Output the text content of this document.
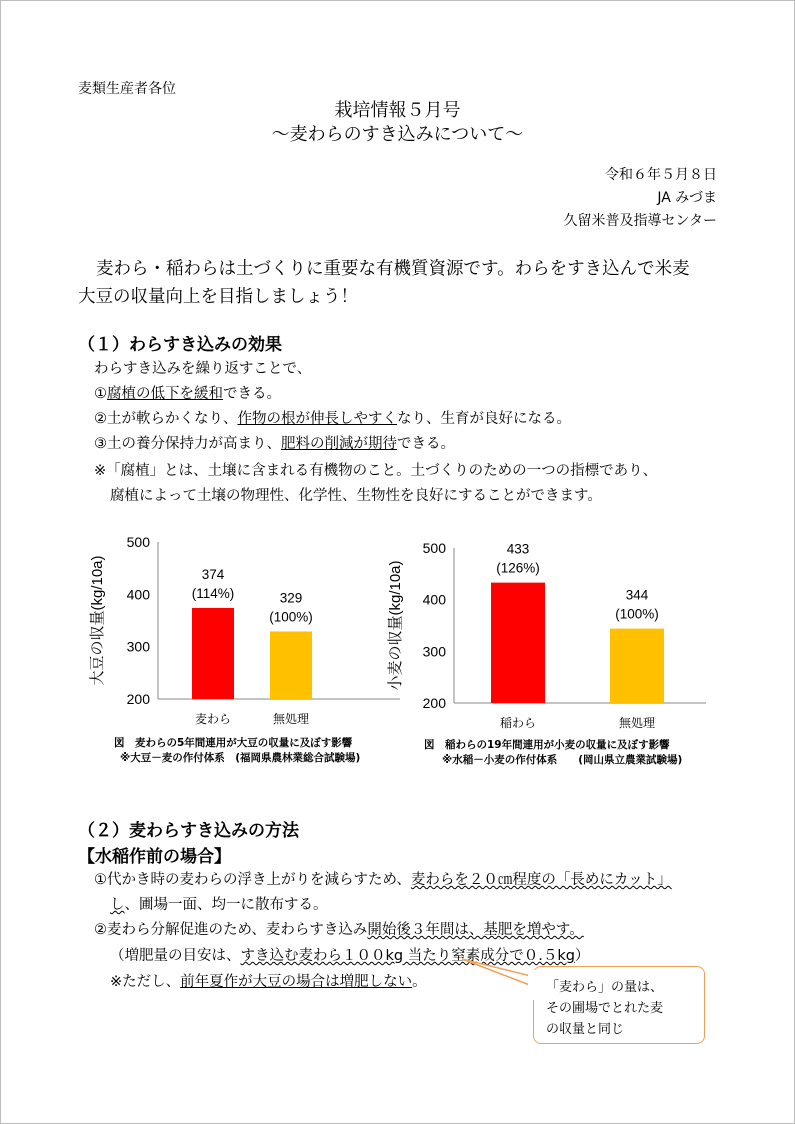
麦類生産者各位
栽培情報５月号
～麦わらのすき込みについて～
令和６年５月８日
JA みづま
久留米普及指導センター
麦わら・稲わらは土づくりに重要な有機質資源です。わらをすき込んで米麦
大豆の収量向上を目指しましょう！
（１）わらすき込みの効果
わらすき込みを繰り返すことで、
①腐植の低下を緩和できる。
②土が軟らかくなり、作物の根が伸長しやすくなり、生育が良好になる。
③土の養分保持力が高まり、肥料の削減が期待できる。
※「腐植」とは、土壌に含まれる有機物のこと。土づくりのための一つの指標であり、
腐植によって土壌の物理性、化学性、生物性を良好にすることができます。
大豆の収量(kg/10a)
200
300
400
500
374
(114%)
麦わら
329
(100%)
無処理
図　麦わらの5年間連用が大豆の収量に及ぼす影響
※大豆－麦の作付体系　(福岡県農林業総合試験場)
小麦の収量(kg/10a)
200
300
400
500	433
(126%)
稲わら
344
(100%)
無処理
図　稲わらの19年間連用が小麦の収量に及ぼす影響
※水稲－小麦の作付体系　　(岡山県立農業試験場)
（２）麦わらすき込みの方法
【水稲作前の場合】
①代かき時の麦わらの浮き上がりを減らすため、麦わらを２０㎝程度の「長めにカット」
し、圃場一面、均一に散布する。
②麦わら分解促進のため、麦わらすき込み開始後３年間は、基肥を増やす。
（増肥量の目安は、すき込む麦わら１００kg 当たり窒素成分で０.５kg）
※ただし、前年夏作が大豆の場合は増肥しない。	「麦わら」の量は、
その圃場でとれた麦
の収量と同じ
